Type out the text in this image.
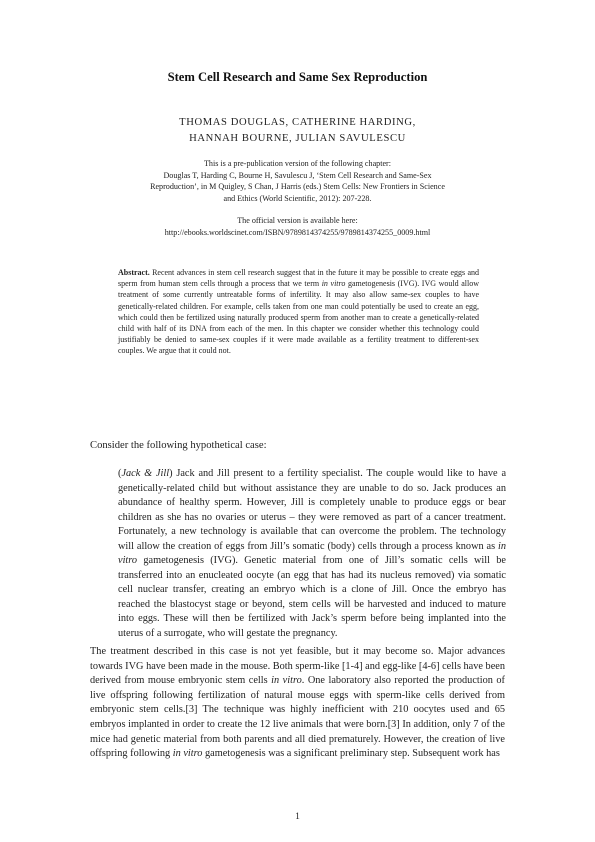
Stem Cell Research and Same Sex Reproduction
THOMAS DOUGLAS, CATHERINE HARDING,
HANNAH BOURNE, JULIAN SAVULESCU
This is a pre-publication version of the following chapter:
Douglas T, Harding C, Bourne H, Savulescu J, ‘Stem Cell Research and Same-Sex
Reproduction’, in M Quigley, S Chan, J Harris (eds.) Stem Cells: New Frontiers in Science
and Ethics (World Scientific, 2012): 207-228.
The official version is available here:
http://ebooks.worldscinet.com/ISBN/9789814374255/9789814374255_0009.html
Abstract. Recent advances in stem cell research suggest that in the future it may be possible to create eggs and sperm from human stem cells through a process that we term in vitro gametogenesis (IVG). IVG would allow treatment of some currently untreatable forms of infertility. It may also allow same-sex couples to have genetically-related children. For example, cells taken from one man could potentially be used to create an egg, which could then be fertilized using naturally produced sperm from another man to create a genetically-related child with half of its DNA from each of the men. In this chapter we consider whether this technology could justifiably be denied to same-sex couples if it were made available as a fertility treatment to different-sex couples. We argue that it could not.
Consider the following hypothetical case:
(Jack & Jill) Jack and Jill present to a fertility specialist. The couple would like to have a genetically-related child but without assistance they are unable to do so. Jack produces an abundance of healthy sperm. However, Jill is completely unable to produce eggs or bear children as she has no ovaries or uterus – they were removed as part of a cancer treatment. Fortunately, a new technology is available that can overcome the problem. The technology will allow the creation of eggs from Jill’s somatic (body) cells through a process known as in vitro gametogenesis (IVG). Genetic material from one of Jill’s somatic cells will be transferred into an enucleated oocyte (an egg that has had its nucleus removed) via somatic cell nuclear transfer, creating an embryo which is a clone of Jill. Once the embryo has reached the blastocyst stage or beyond, stem cells will be harvested and induced to mature into eggs. These will then be fertilized with Jack’s sperm before being implanted into the uterus of a surrogate, who will gestate the pregnancy.
The treatment described in this case is not yet feasible, but it may become so. Major advances towards IVG have been made in the mouse. Both sperm-like [1-4] and egg-like [4-6] cells have been derived from mouse embryonic stem cells in vitro. One laboratory also reported the production of live offspring following fertilization of natural mouse eggs with sperm-like cells derived from embryonic stem cells.[3] The technique was highly inefficient with 210 oocytes used and 65 embryos implanted in order to create the 12 live animals that were born.[3] In addition, only 7 of the mice had genetic material from both parents and all died prematurely. However, the creation of live offspring following in vitro gametogenesis was a significant preliminary step. Subsequent work has
1
